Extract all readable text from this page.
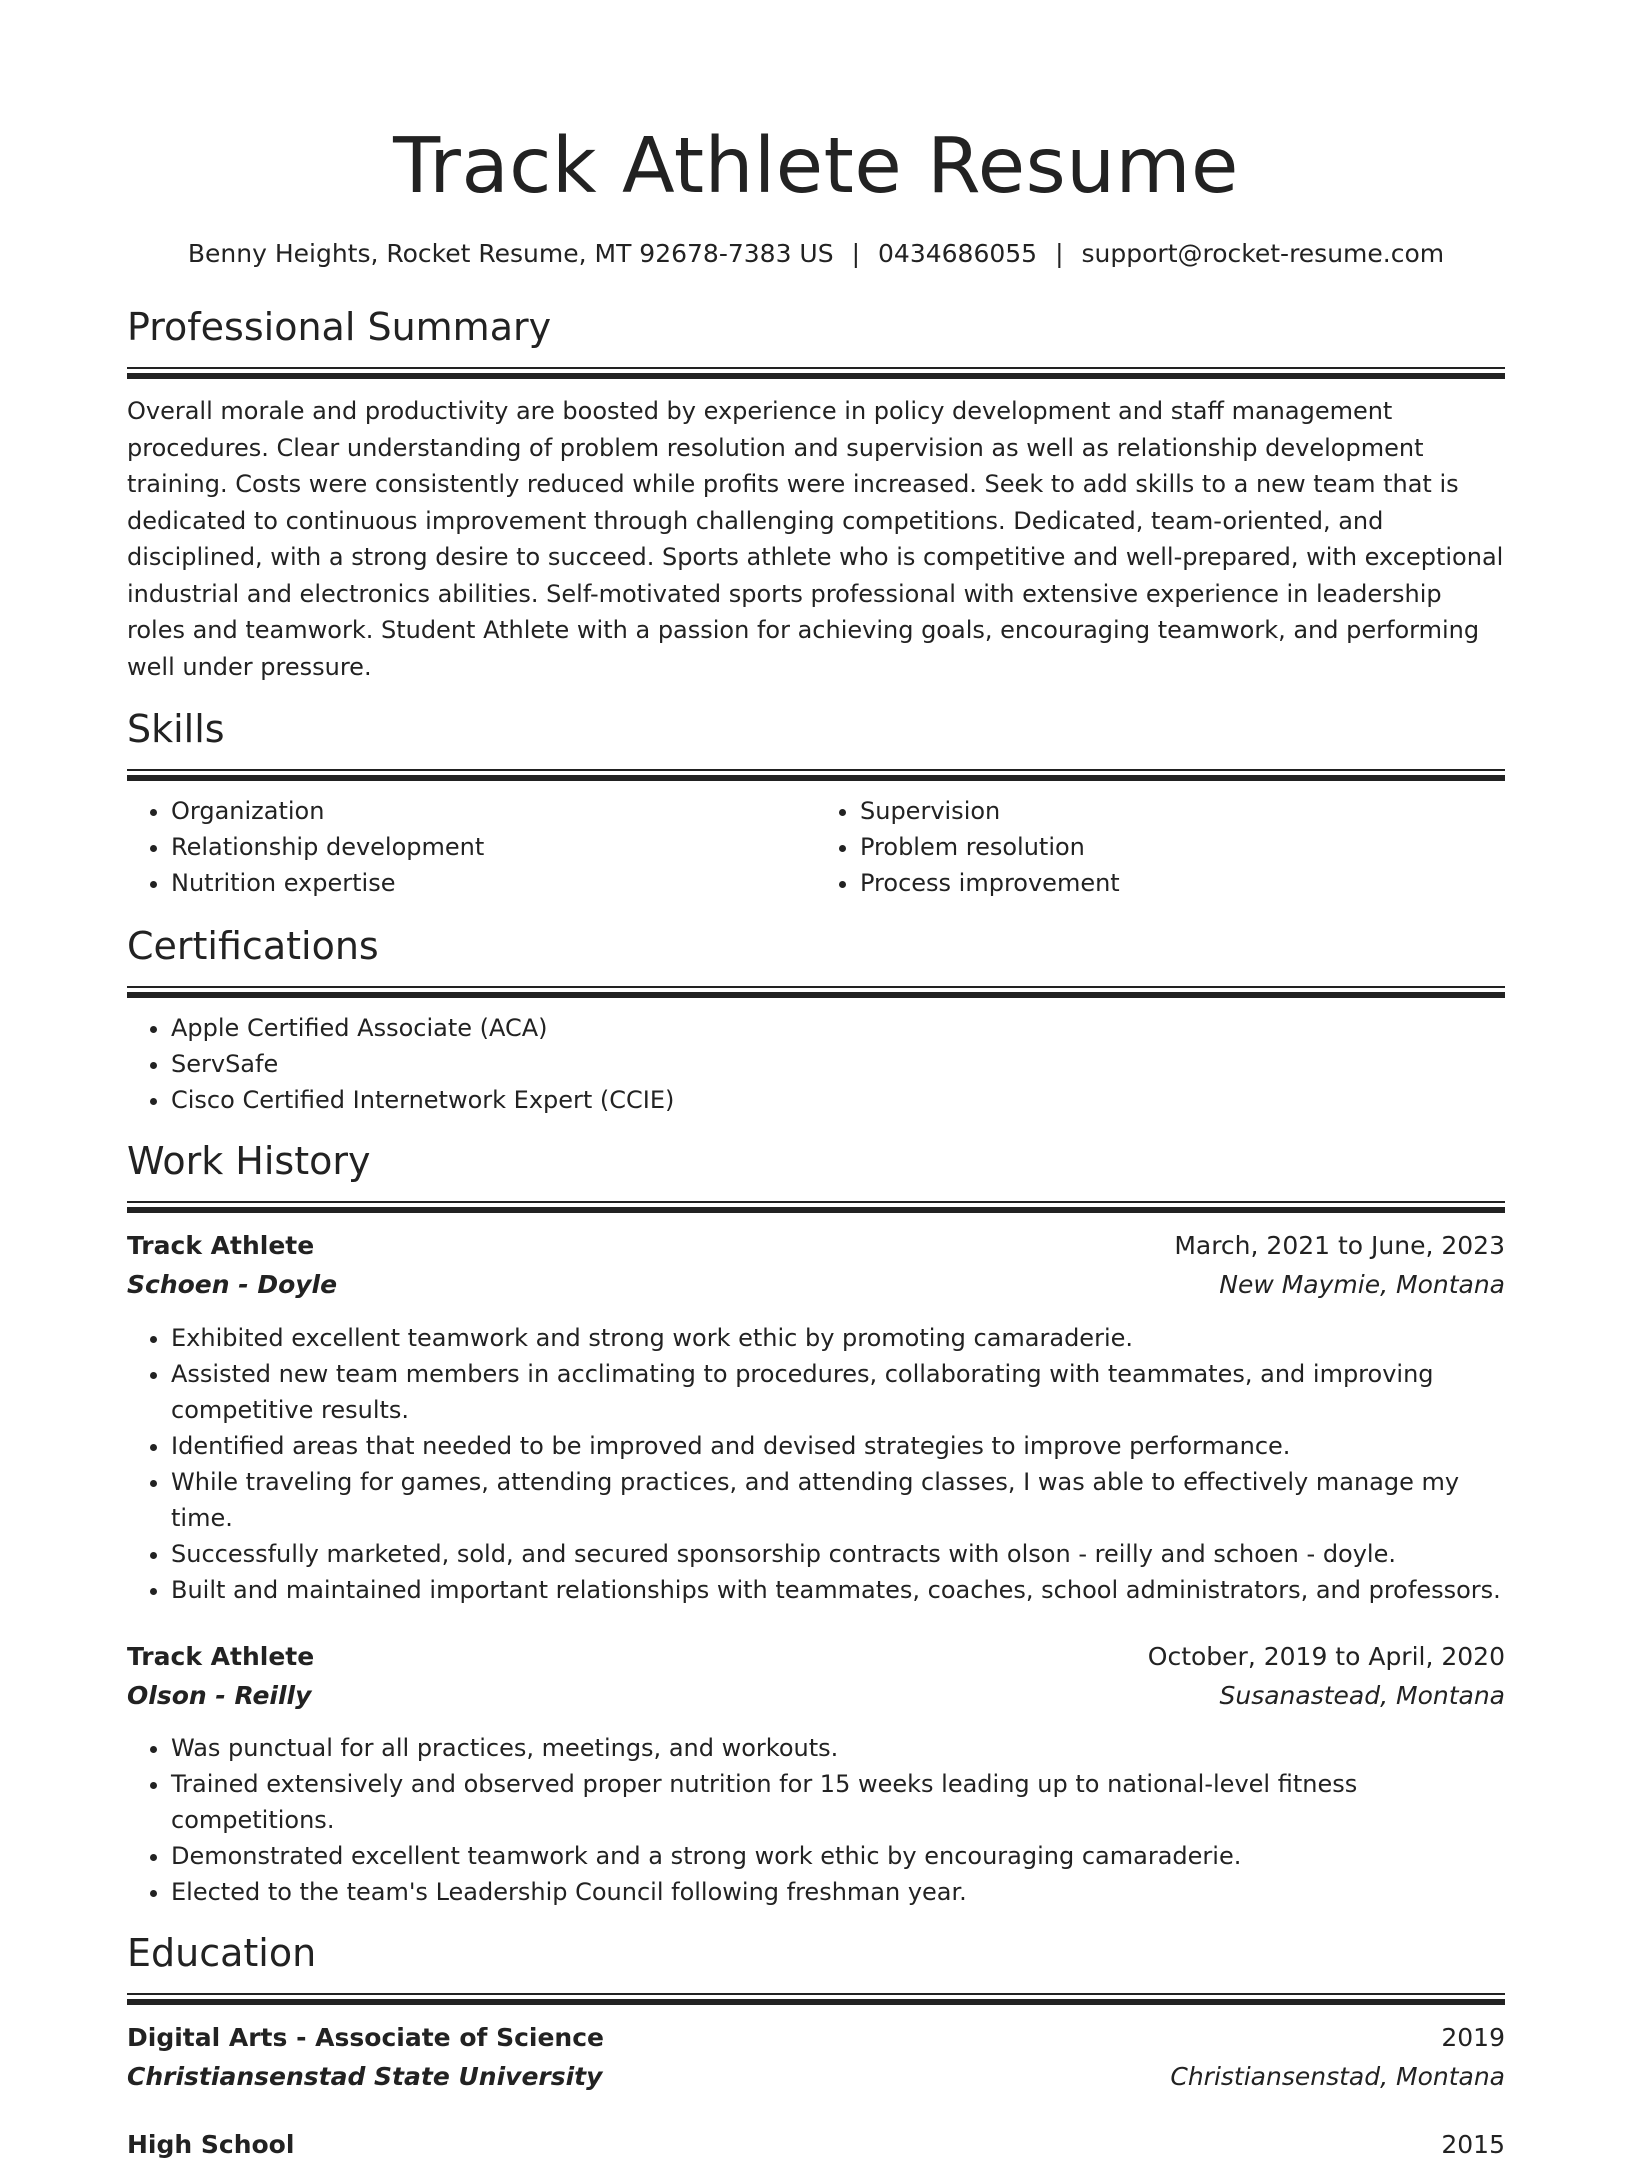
Track Athlete Resume
Benny Heights, Rocket Resume, MT 92678-7383 US | 0434686055 | support@rocket-resume.com
Professional Summary
Overall morale and productivity are boosted by experience in policy development and staff management procedures. Clear understanding of problem resolution and supervision as well as relationship development training. Costs were consistently reduced while profits were increased. Seek to add skills to a new team that is dedicated to continuous improvement through challenging competitions. Dedicated, team-oriented, and disciplined, with a strong desire to succeed. Sports athlete who is competitive and well-prepared, with exceptional industrial and electronics abilities. Self-motivated sports professional with extensive experience in leadership roles and teamwork. Student Athlete with a passion for achieving goals, encouraging teamwork, and performing well under pressure.
Skills
• Organization
• Relationship development
• Nutrition expertise
• Supervision
• Problem resolution
• Process improvement
Certifications
• Apple Certified Associate (ACA)
• ServSafe
• Cisco Certified Internetwork Expert (CCIE)
Work History
Track Athlete	March, 2021 to June, 2023
Schoen - Doyle	New Maymie, Montana
• Exhibited excellent teamwork and strong work ethic by promoting camaraderie.
• Assisted new team members in acclimating to procedures, collaborating with teammates, and improving competitive results.
• Identified areas that needed to be improved and devised strategies to improve performance.
• While traveling for games, attending practices, and attending classes, I was able to effectively manage my time.
• Successfully marketed, sold, and secured sponsorship contracts with olson - reilly and schoen - doyle.
• Built and maintained important relationships with teammates, coaches, school administrators, and professors.
Track Athlete	October, 2019 to April, 2020
Olson - Reilly	Susanastead, Montana
• Was punctual for all practices, meetings, and workouts.
• Trained extensively and observed proper nutrition for 15 weeks leading up to national-level fitness competitions.
• Demonstrated excellent teamwork and a strong work ethic by encouraging camaraderie.
• Elected to the team's Leadership Council following freshman year.
Education
Digital Arts - Associate of Science	2019
Christiansenstad State University	Christiansenstad, Montana
High School	2015
